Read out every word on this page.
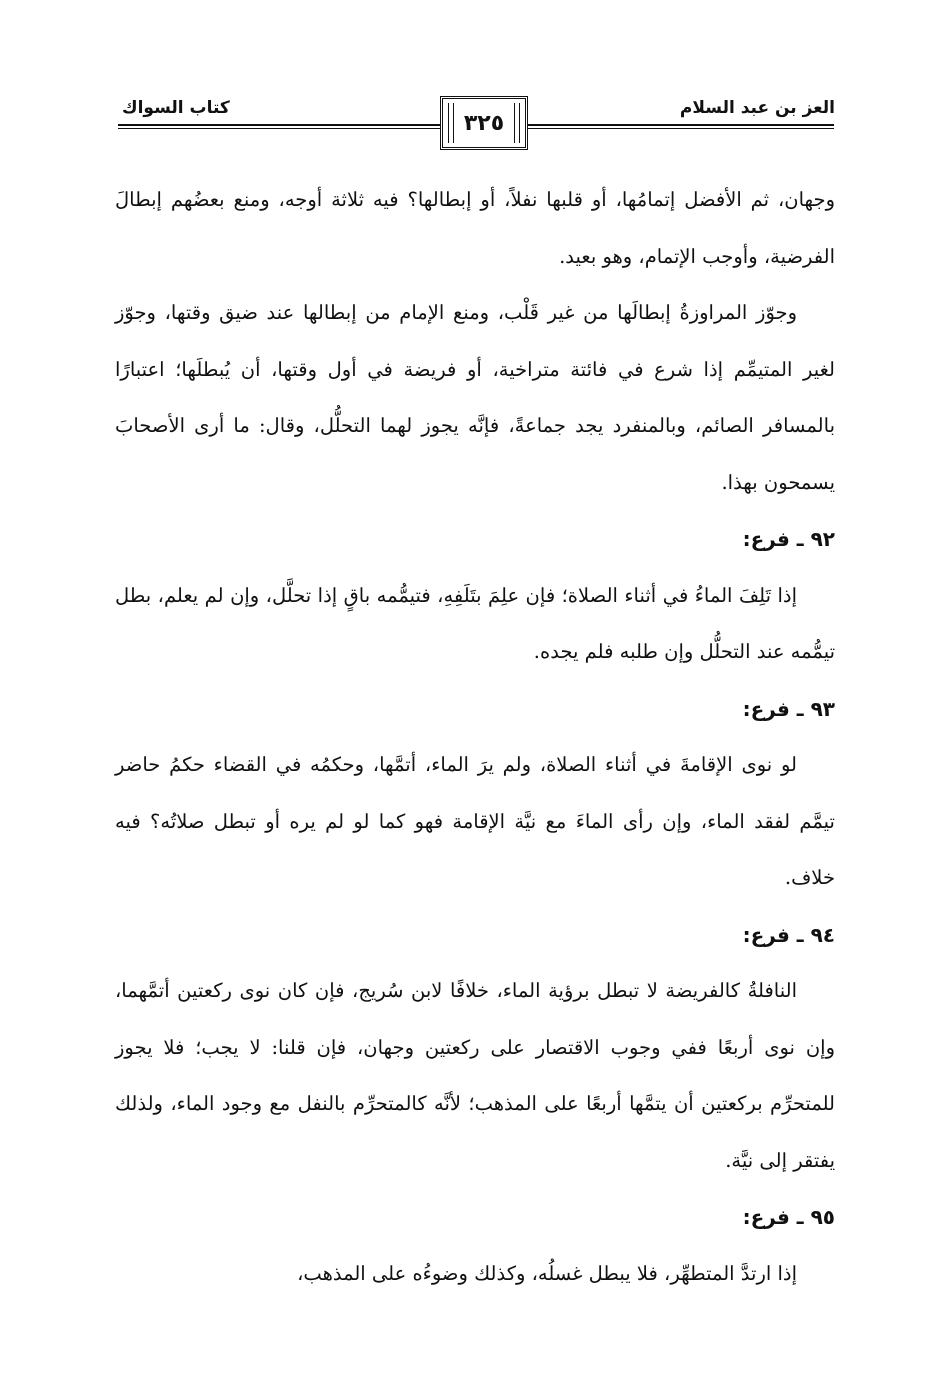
العز بن عبد السلام
كتاب السواك
٣٢٥

وجهان، ثم الأفضل إتمامُها، أو قلبها نفلاً، أو إبطالها؟ فيه ثلاثة أوجه، ومنع بعضُهم إبطالَ الفرضية، وأوجب الإتمام، وهو بعيد.

وجوّز المراوزةُ إبطالَها من غير قَلْب، ومنع الإمام من إبطالها عند ضيق وقتها، وجوّز لغير المتيمِّم إذا شرع في فائتة متراخية، أو فريضة في أول وقتها، أن يُبطلَها؛ اعتبارًا بالمسافر الصائم، وبالمنفرد يجد جماعةً، فإنَّه يجوز لهما التحلُّل، وقال: ما أرى الأصحابَ يسمحون بهذا.

٩٢ ـ فرع:

إذا تَلِفَ الماءُ في أثناء الصلاة؛ فإن علِمَ بتَلَفِهِ، فتيمُّمه باقٍ إذا تحلَّل، وإن لم يعلم، بطل تيمُّمه عند التحلُّل وإن طلبه فلم يجده.

٩٣ ـ فرع:

لو نوى الإقامةَ في أثناء الصلاة، ولم يرَ الماء، أتمَّها، وحكمُه في القضاء حكمُ حاضر تيمَّم لفقد الماء، وإن رأى الماءَ مع نيَّة الإقامة فهو كما لو لم يره أو تبطل صلاتُه؟ فيه خلاف.

٩٤ ـ فرع:

النافلةُ كالفريضة لا تبطل برؤية الماء، خلافًا لابن سُريج، فإن كان نوى ركعتين أتمَّهما، وإن نوى أربعًا ففي وجوب الاقتصار على ركعتين وجهان، فإن قلنا: لا يجب؛ فلا يجوز للمتحرِّم بركعتين أن يتمَّها أربعًا على المذهب؛ لأنَّه كالمتحرِّم بالنفل مع وجود الماء، ولذلك يفتقر إلى نيَّة.

٩٥ ـ فرع:

إذا ارتدَّ المتطهِّر، فلا يبطل غسلُه، وكذلك وضوءُه على المذهب،
